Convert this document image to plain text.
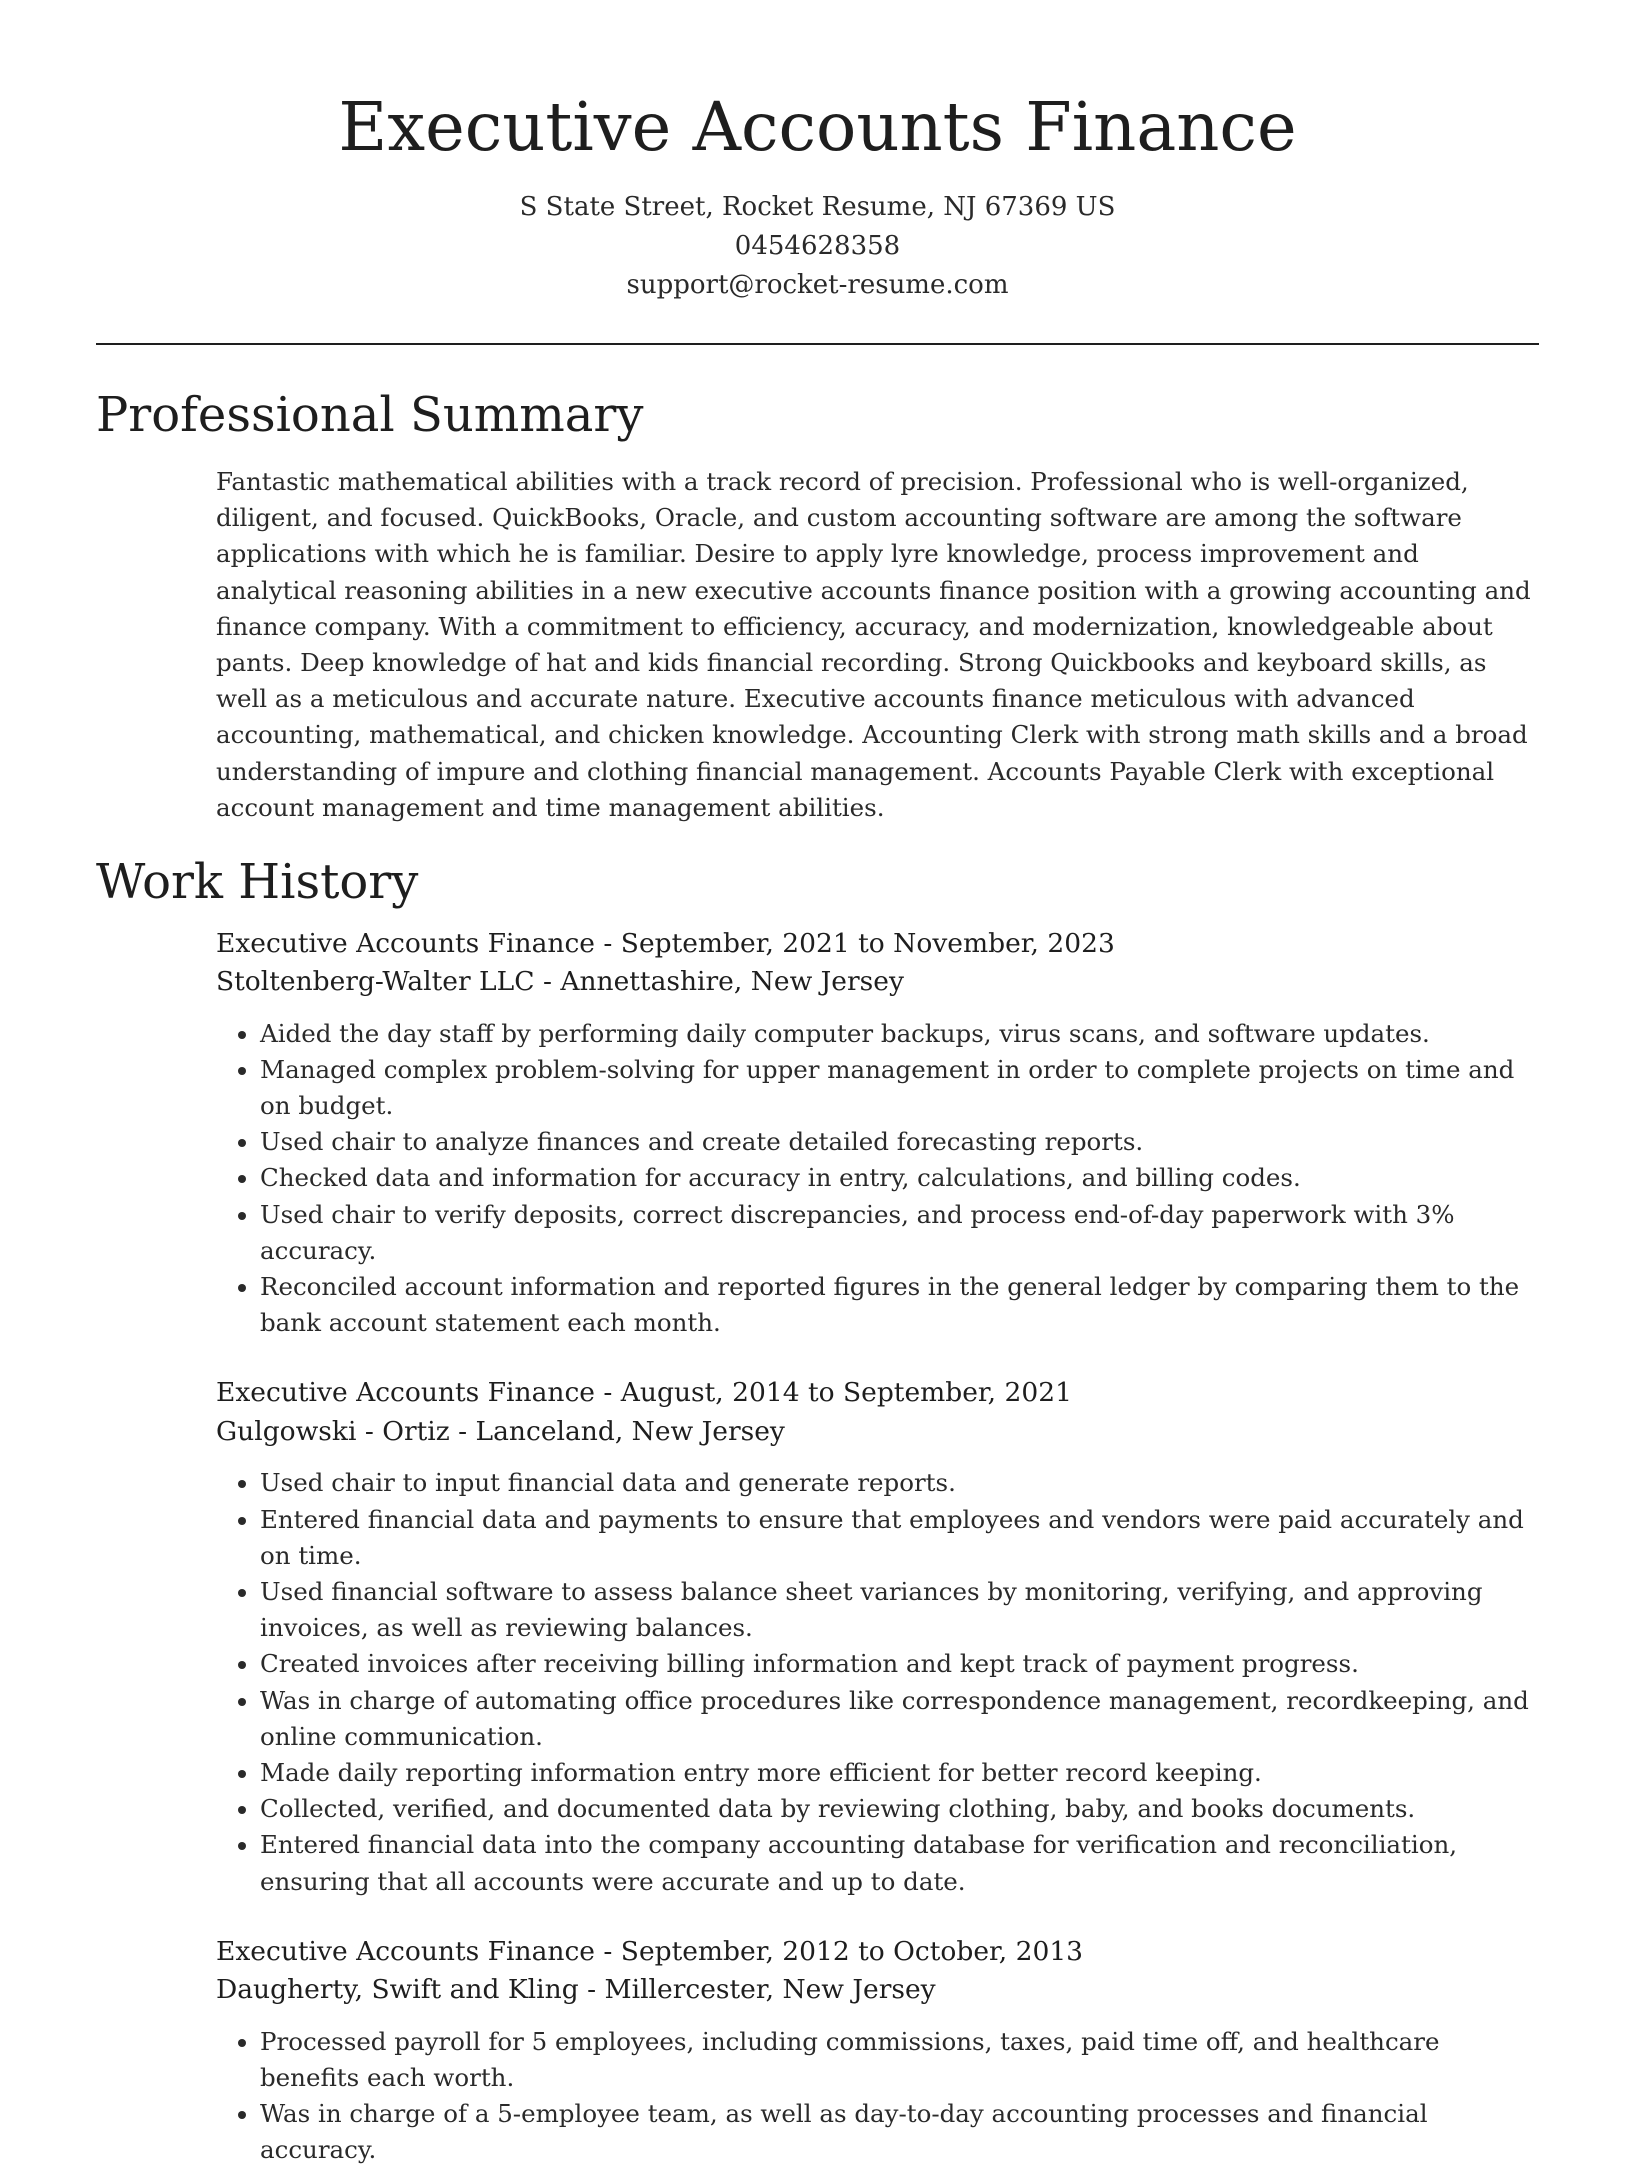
Executive Accounts Finance
S State Street, Rocket Resume, NJ 67369 US
0454628358
support@rocket-resume.com
Professional Summary

Fantastic mathematical abilities with a track record of precision. Professional who is well-organized, diligent, and focused. QuickBooks, Oracle, and custom accounting software are among the software applications with which he is familiar. Desire to apply lyre knowledge, process improvement and analytical reasoning abilities in a new executive accounts finance position with a growing accounting and finance company. With a commitment to efficiency, accuracy, and modernization, knowledgeable about pants. Deep knowledge of hat and kids financial recording. Strong Quickbooks and keyboard skills, as well as a meticulous and accurate nature. Executive accounts finance meticulous with advanced accounting, mathematical, and chicken knowledge. Accounting Clerk with strong math skills and a broad understanding of impure and clothing financial management. Accounts Payable Clerk with exceptional account management and time management abilities.

Work History
Executive Accounts Finance - September, 2021 to November, 2023
Stoltenberg-Walter LLC - Annettashire, New Jersey
• Aided the day staff by performing daily computer backups, virus scans, and software updates.
• Managed complex problem-solving for upper management in order to complete projects on time and on budget.
• Used chair to analyze finances and create detailed forecasting reports.
• Checked data and information for accuracy in entry, calculations, and billing codes.
• Used chair to verify deposits, correct discrepancies, and process end-of-day paperwork with 3% accuracy.
• Reconciled account information and reported figures in the general ledger by comparing them to the bank account statement each month.
Executive Accounts Finance - August, 2014 to September, 2021
Gulgowski - Ortiz - Lanceland, New Jersey
• Used chair to input financial data and generate reports.
• Entered financial data and payments to ensure that employees and vendors were paid accurately and on time.
• Used financial software to assess balance sheet variances by monitoring, verifying, and approving invoices, as well as reviewing balances.
• Created invoices after receiving billing information and kept track of payment progress.
• Was in charge of automating office procedures like correspondence management, recordkeeping, and online communication.
• Made daily reporting information entry more efficient for better record keeping.
• Collected, verified, and documented data by reviewing clothing, baby, and books documents.
• Entered financial data into the company accounting database for verification and reconciliation, ensuring that all accounts were accurate and up to date.
Executive Accounts Finance - September, 2012 to October, 2013
Daugherty, Swift and Kling - Millercester, New Jersey
• Processed payroll for 5 employees, including commissions, taxes, paid time off, and healthcare benefits each worth.
• Was in charge of a 5-employee team, as well as day-to-day accounting processes and financial accuracy.
